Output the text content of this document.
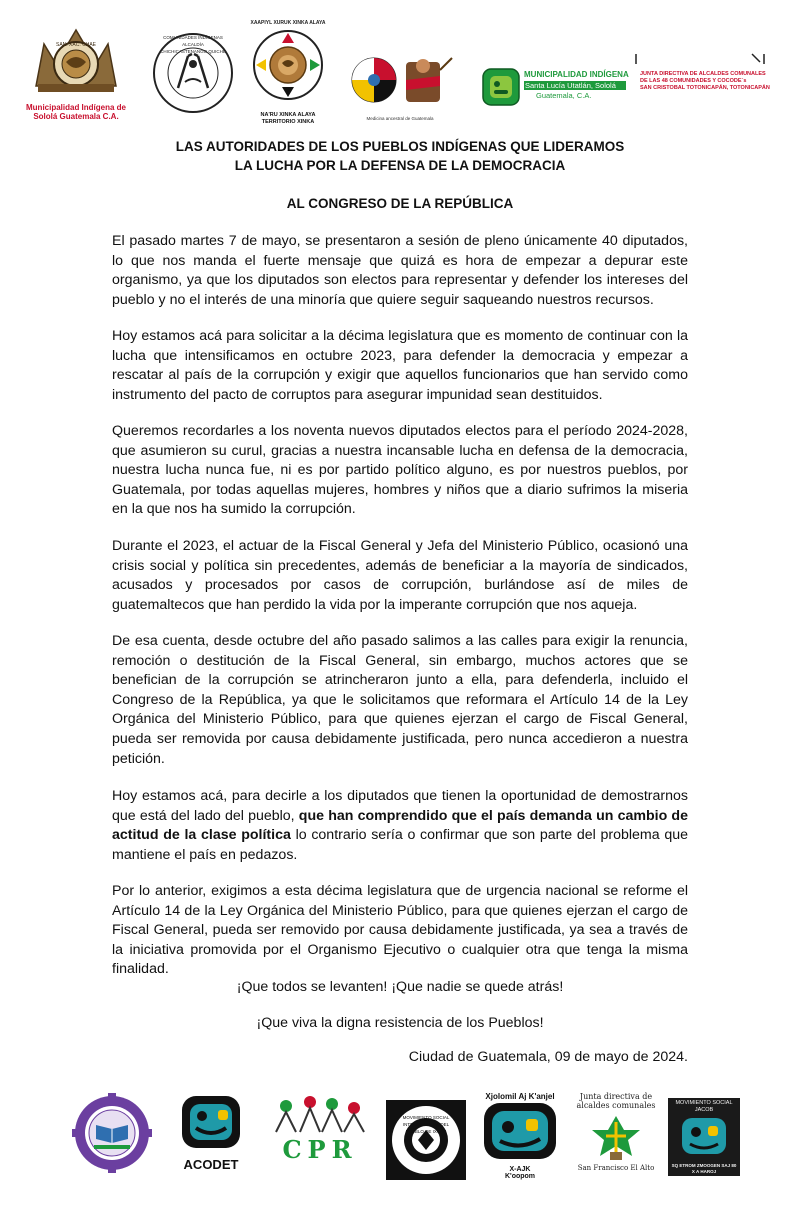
SAN. XAC. CHAE
Municipalidad Indígena de Sololá Guatemala C.A.
COMUNIDADES INDÍGENAS ALCALDÍA CHICHICASTENANGO QUICHÉ
XAAPIYL XURUK XINKA ALAYA
NA'RU XINKA ALAYA
TERRITORIO XINKA
Medicina ancestral de Guatemala
MUNICIPALIDAD INDÍGENA
Santa Lucía Utatlán, Sololá
Guatemala, C.A.
JUNTA DIRECTIVA DE ALCALDES COMUNALES
DE LAS 48 COMUNIDADES Y COCODE´s
SAN CRISTOBAL TOTONICAPÁN, TOTONICAPÁN
LAS AUTORIDADES DE LOS PUEBLOS INDÍGENAS QUE LIDERAMOS
LA LUCHA POR LA DEFENSA DE LA DEMOCRACIA
AL CONGRESO DE LA REPÚBLICA
El pasado martes 7 de mayo, se presentaron a sesión de pleno únicamente 40 diputados, lo que nos manda el fuerte mensaje que quizá es hora de empezar a depurar este organismo, ya que los diputados son electos para representar y defender los intereses del pueblo y no el interés de una minoría que quiere seguir saqueando nuestros recursos.
Hoy estamos acá para solicitar a la décima legislatura que es momento de continuar con la lucha que intensificamos en octubre 2023, para defender la democracia y empezar a rescatar al país de la corrupción y exigir que aquellos funcionarios que han servido como instrumento del pacto de corruptos para asegurar impunidad sean destituidos.
Queremos recordarles a los noventa nuevos diputados electos para el período 2024-2028, que asumieron su curul, gracias a nuestra incansable lucha en defensa de la democracia, nuestra lucha nunca fue, ni es por partido político alguno, es por nuestros pueblos, por Guatemala, por todas aquellas mujeres, hombres y niños que a diario sufrimos la miseria en la que nos ha sumido la corrupción.
Durante el 2023, el actuar de la Fiscal General y Jefa del Ministerio Público, ocasionó una crisis social y política sin precedentes, además de beneficiar a la mayoría de sindicados, acusados y procesados por casos de corrupción, burlándose así de miles de guatemaltecos que han perdido la vida por la imperante corrupción que nos aqueja.
De esa cuenta, desde octubre del año pasado salimos a las calles para exigir la renuncia, remoción o destitución de la Fiscal General, sin embargo, muchos actores que se benefician de la corrupción se atrincheraron junto a ella, para defenderla, incluido el Congreso de la República, ya que le solicitamos que reformara el Artículo 14 de la Ley Orgánica del Ministerio Público, para que quienes ejerzan el cargo de Fiscal General, pueda ser removida por causa debidamente justificada, pero nunca accedieron a nuestra petición.
Hoy estamos acá, para decirle a los diputados que tienen la oportunidad de demostrarnos que está del lado del pueblo, que han comprendido que el país demanda un cambio de actitud de la clase política lo contrario sería o confirmar que son parte del problema que mantiene el país en pedazos.
Por lo anterior, exigimos a esta décima legislatura que de urgencia nacional se reforme el Artículo 14 de la Ley Orgánica del Ministerio Público, para que quienes ejerzan el cargo de Fiscal General, pueda ser removido por causa debidamente justificada, ya sea a través de la iniciativa promovida por el Organismo Ejecutivo o cualquier otra que tenga la misma finalidad.
¡Que todos se levanten! ¡Que nadie se quede atrás!
¡Que viva la digna resistencia de los Pueblos!
Ciudad de Guatemala, 09 de mayo de 2024.
ACODET
CPR
MOVIMIENTO SOCIAL INTERNACIONAL DEL PUEBLO DE IXCÁN
Xjolomil Aj K'anjel
X-AJK
K'oopom
Junta directiva de alcaldes comunales
San Francisco El Alto
MOVIMIENTO SOCIAL JACOB
SQ ETROM ZMOOGEN SAJ 80 X A HAROJ
